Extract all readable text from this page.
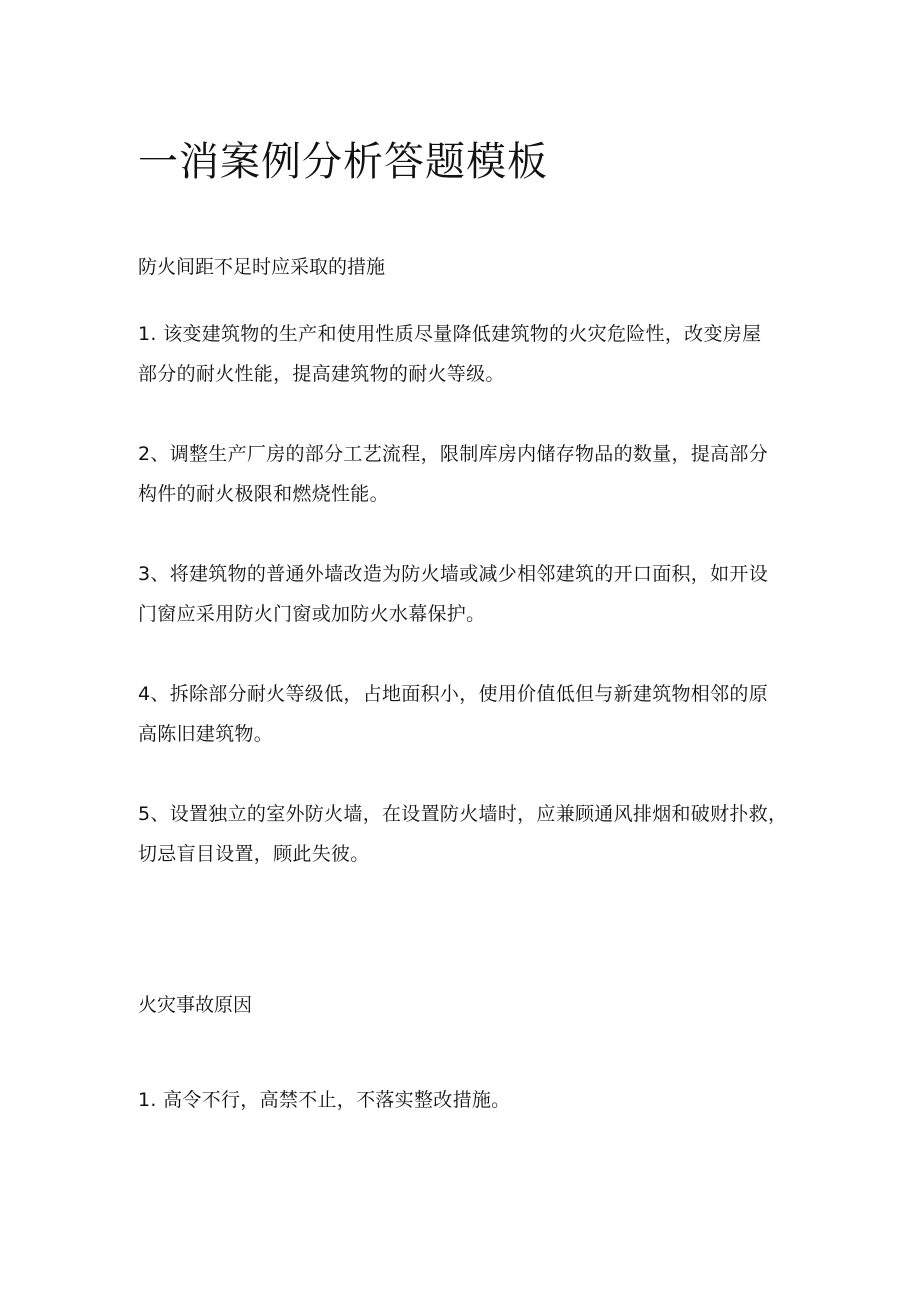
一消案例分析答题模板
防火间距不足时应采取的措施

1. 该变建筑物的生产和使用性质尽量降低建筑物的火灾危险性，改变房屋
部分的耐火性能，提高建筑物的耐火等级。

2、调整生产厂房的部分工艺流程，限制库房内储存物品的数量，提高部分
构件的耐火极限和燃烧性能。

3、将建筑物的普通外墙改造为防火墙或减少相邻建筑的开口面积，如开设
门窗应采用防火门窗或加防火水幕保护。

4、拆除部分耐火等级低，占地面积小，使用价值低但与新建筑物相邻的原
高陈旧建筑物。

5、设置独立的室外防火墙，在设置防火墙时，应兼顾通风排烟和破财扑救，
切忌盲目设置，顾此失彼。

火灾事故原因

1. 高令不行，高禁不止，不落实整改措施。
